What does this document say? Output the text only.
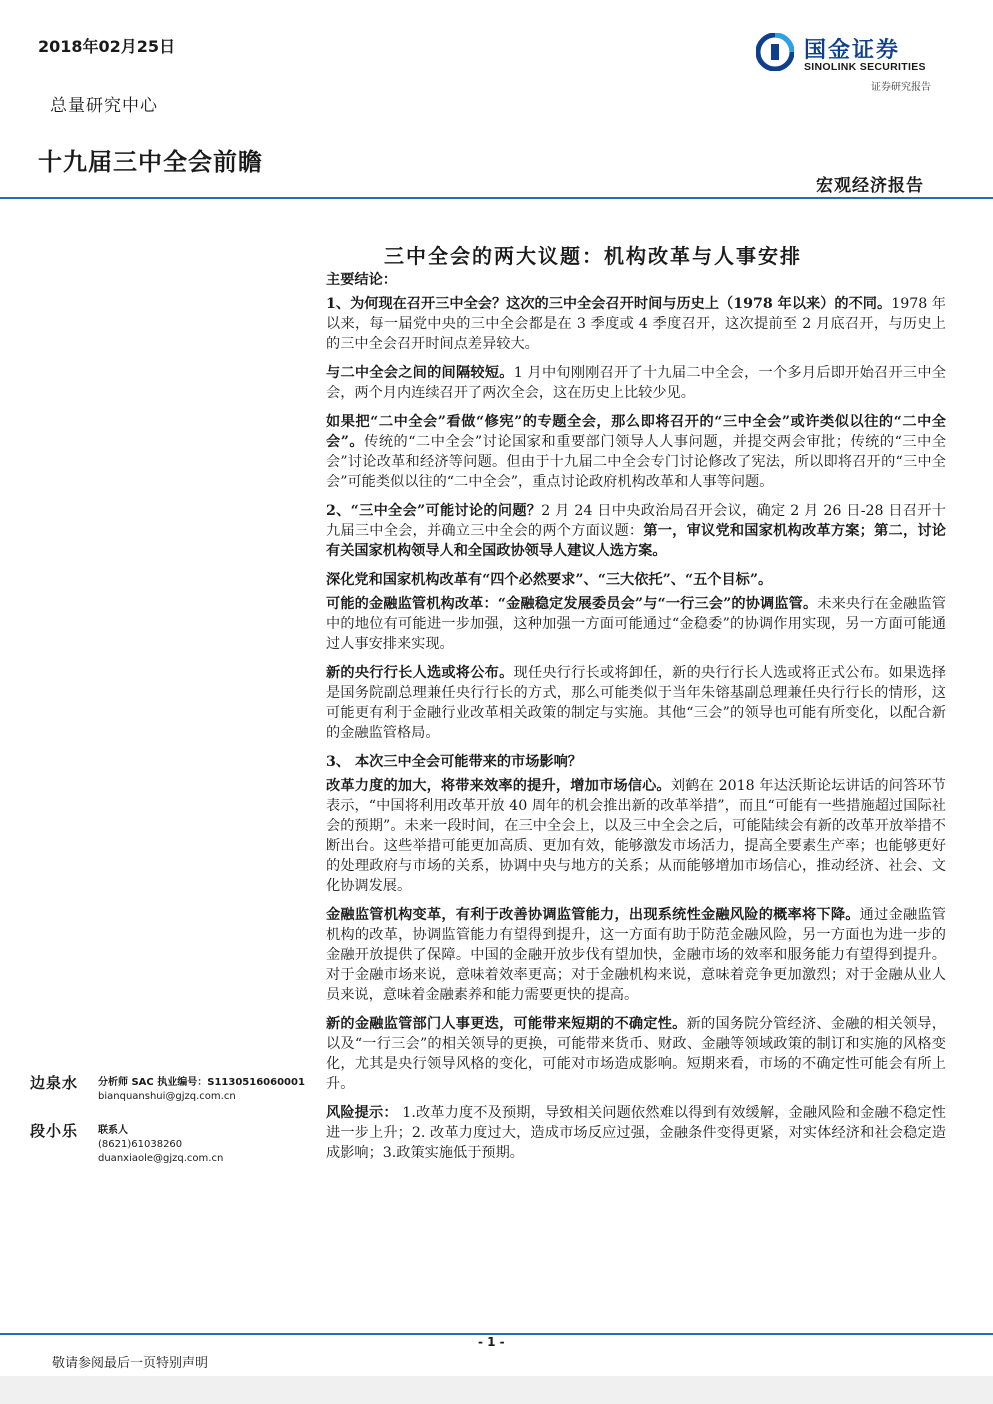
2018年02月25日
总量研究中心
十九届三中全会前瞻
国金证券
SINOLINK SECURITIES
证券研究报告
宏观经济报告
三中全会的两大议题：机构改革与人事安排

主要结论：

1、为何现在召开三中全会？这次的三中全会召开时间与历史上（1978 年以来）的不同。1978 年以来，每一届党中央的三中全会都是在 3 季度或 4 季度召开，这次提前至 2 月底召开，与历史上的三中全会召开时间点差异较大。

与二中全会之间的间隔较短。1 月中旬刚刚召开了十九届二中全会，一个多月后即开始召开三中全会，两个月内连续召开了两次全会，这在历史上比较少见。

如果把“二中全会”看做“修宪”的专题全会，那么即将召开的“三中全会”或许类似以往的“二中全会”。传统的“二中全会”讨论国家和重要部门领导人人事问题，并提交两会审批；传统的“三中全会”讨论改革和经济等问题。但由于十九届二中全会专门讨论修改了宪法，所以即将召开的“三中全会”可能类似以往的“二中全会”，重点讨论政府机构改革和人事等问题。

2、“三中全会”可能讨论的问题？2 月 24 日中央政治局召开会议，确定 2 月 26 日-28 日召开十九届三中全会，并确立三中全会的两个方面议题：第一，审议党和国家机构改革方案；第二，讨论有关国家机构领导人和全国政协领导人建议人选方案。

深化党和国家机构改革有“四个必然要求”、“三大依托”、“五个目标”。

可能的金融监管机构改革：“金融稳定发展委员会”与“一行三会”的协调监管。未来央行在金融监管中的地位有可能进一步加强，这种加强一方面可能通过“金稳委”的协调作用实现，另一方面可能通过人事安排来实现。

新的央行行长人选或将公布。现任央行行长或将卸任，新的央行行长人选或将正式公布。如果选择是国务院副总理兼任央行行长的方式，那么可能类似于当年朱镕基副总理兼任央行行长的情形，这可能更有利于金融行业改革相关政策的制定与实施。其他“三会”的领导也可能有所变化，以配合新的金融监管格局。

3、 本次三中全会可能带来的市场影响？

改革力度的加大，将带来效率的提升，增加市场信心。刘鹤在 2018 年达沃斯论坛讲话的问答环节表示，“中国将利用改革开放 40 周年的机会推出新的改革举措”，而且“可能有一些措施超过国际社会的预期”。未来一段时间，在三中全会上，以及三中全会之后，可能陆续会有新的改革开放举措不断出台。这些举措可能更加高质、更加有效，能够激发市场活力，提高全要素生产率；也能够更好的处理政府与市场的关系，协调中央与地方的关系；从而能够增加市场信心，推动经济、社会、文化协调发展。

金融监管机构变革，有利于改善协调监管能力，出现系统性金融风险的概率将下降。通过金融监管机构的改革，协调监管能力有望得到提升，这一方面有助于防范金融风险，另一方面也为进一步的金融开放提供了保障。中国的金融开放步伐有望加快，金融市场的效率和服务能力有望得到提升。对于金融市场来说，意味着效率更高；对于金融机构来说，意味着竞争更加激烈；对于金融从业人员来说，意味着金融素养和能力需要更快的提高。

新的金融监管部门人事更迭，可能带来短期的不确定性。新的国务院分管经济、金融的相关领导，以及“一行三会”的相关领导的更换，可能带来货币、财政、金融等领域政策的制订和实施的风格变化，尤其是央行领导风格的变化，可能对市场造成影响。短期来看，市场的不确定性可能会有所上升。

风险提示： 1.改革力度不及预期，导致相关问题依然难以得到有效缓解，金融风险和金融不稳定性进一步上升；2. 改革力度过大，造成市场反应过强，金融条件变得更紧，对实体经济和社会稳定造成影响；3.政策实施低于预期。

边泉水 分析师 SAC 执业编号：S1130516060001
bianquanshui@gjzq.com.cn
段小乐 联系人
(8621)61038260
duanxiaole@gjzq.com.cn
- 1 -
敬请参阅最后一页特别声明
